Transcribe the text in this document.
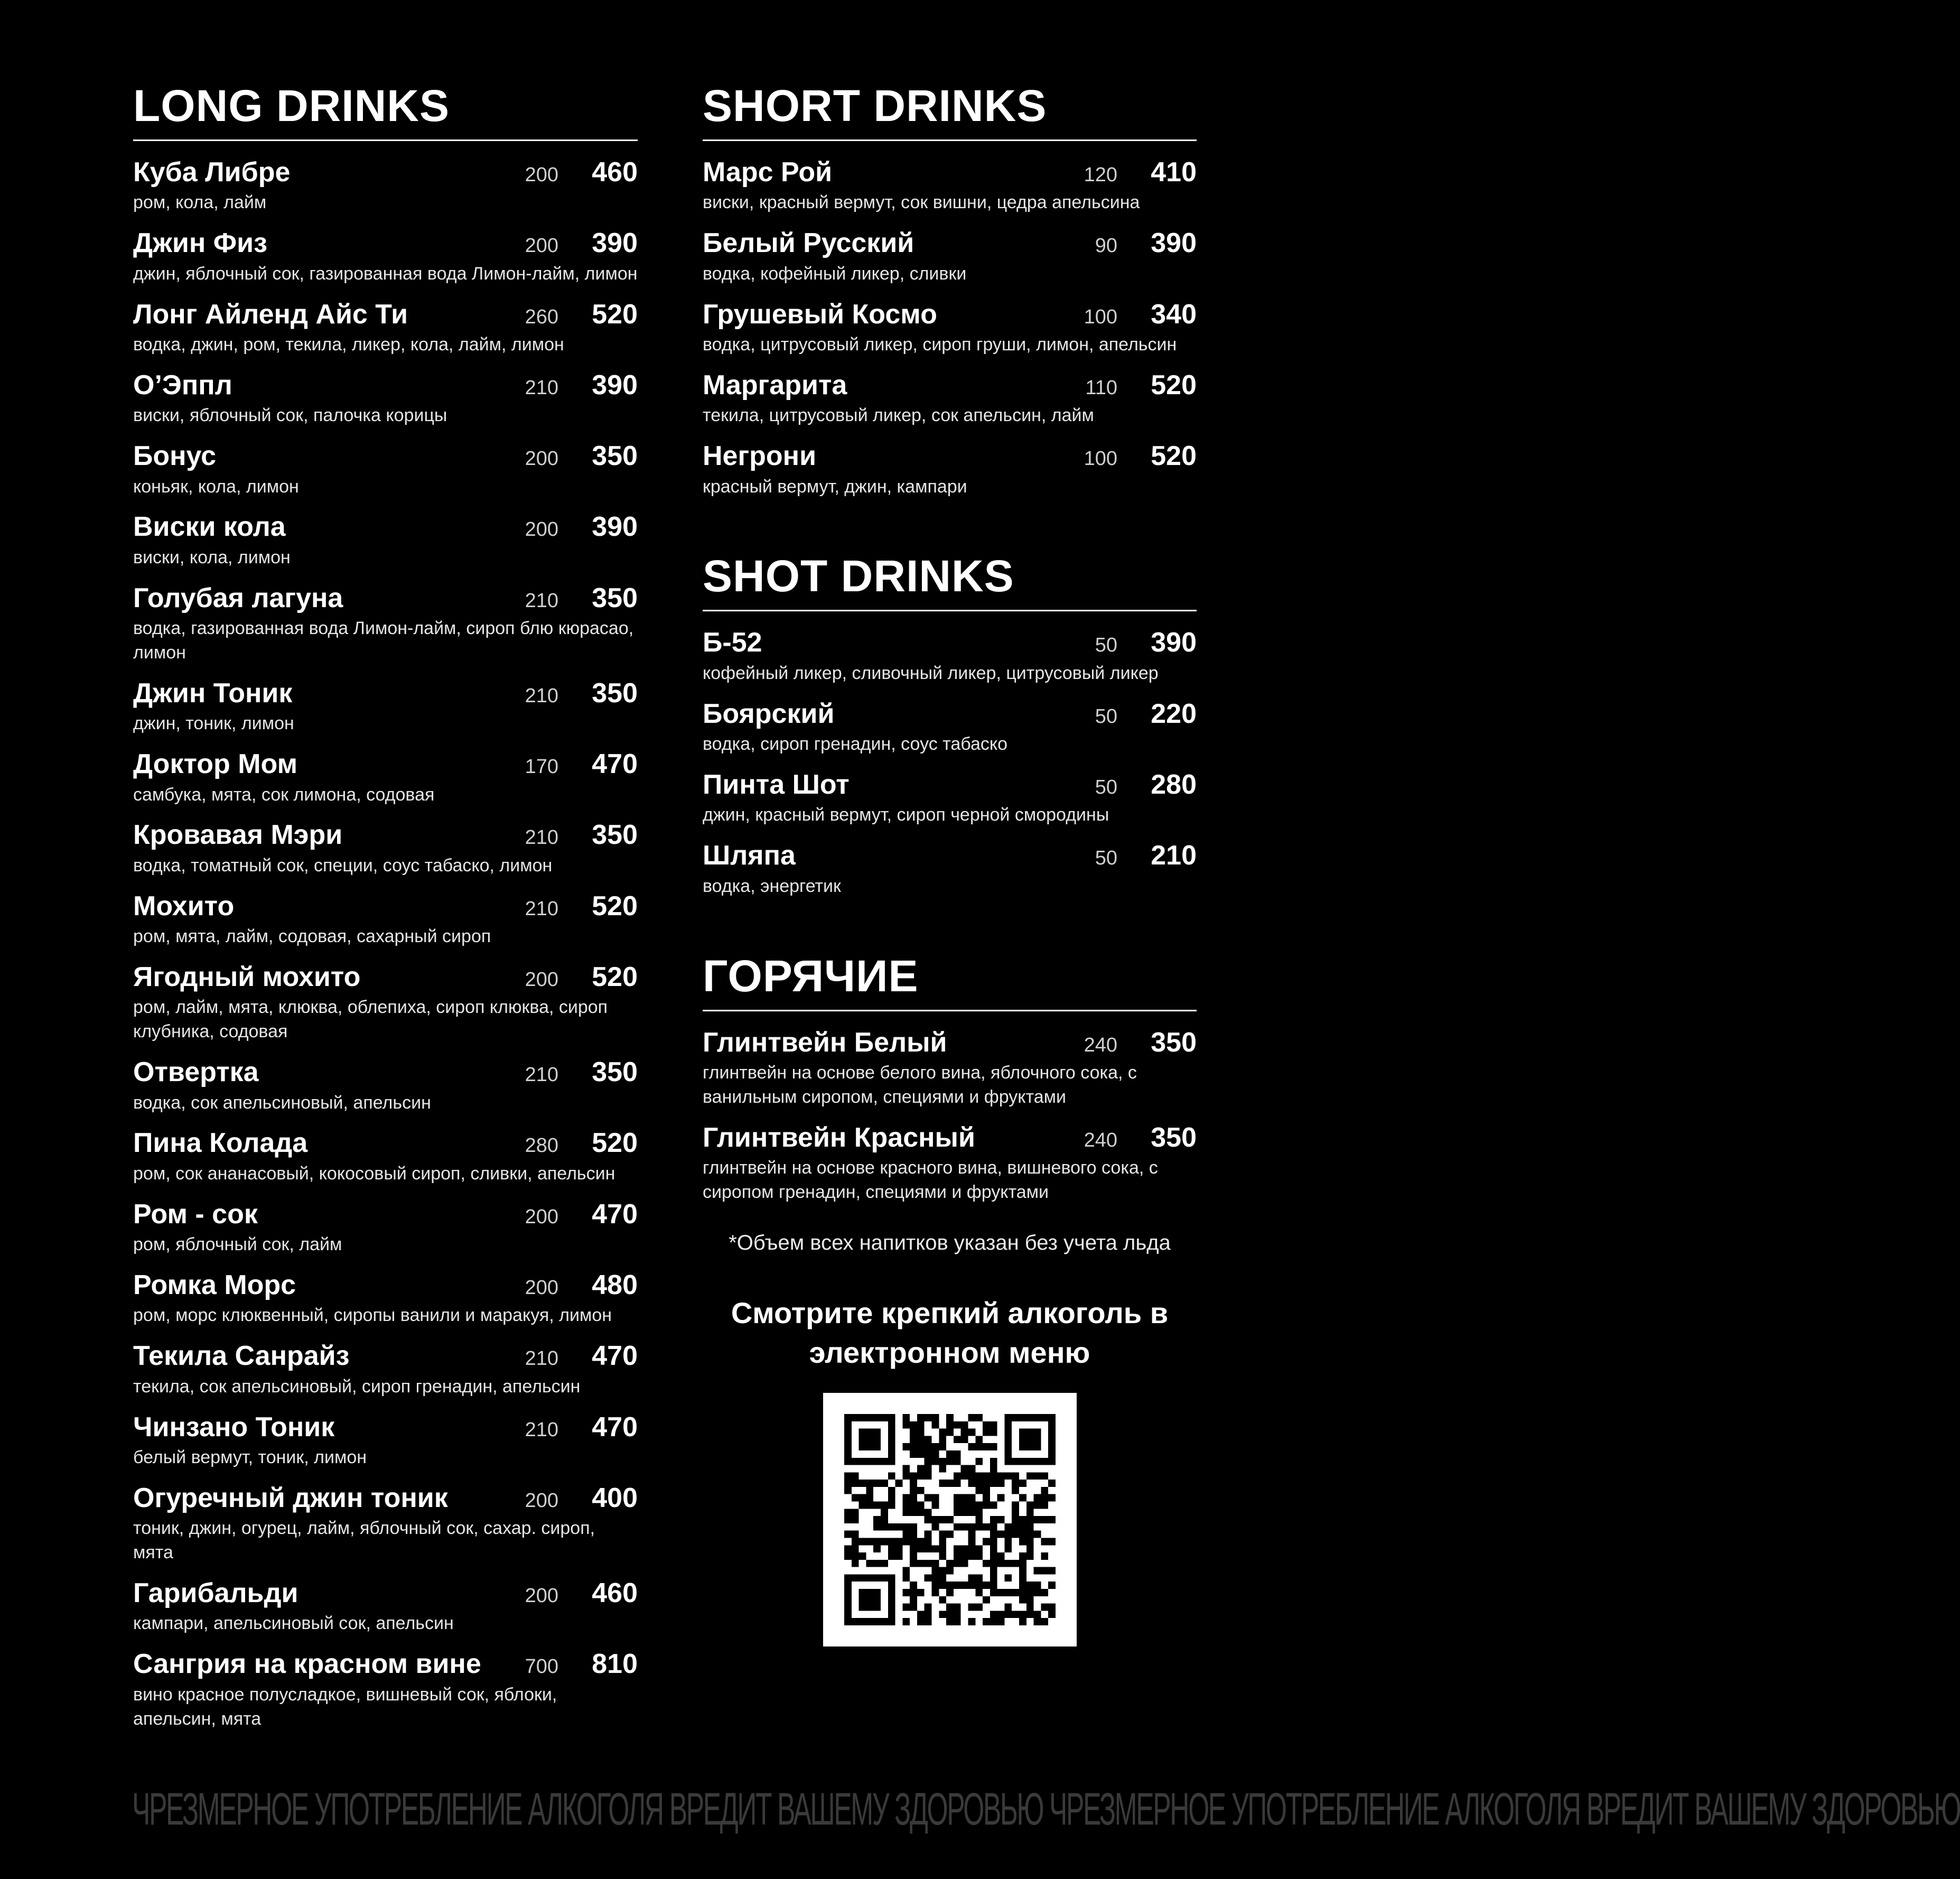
LONG DRINKS
Куба Либре	200	460
ром, кола, лайм
Джин Физ	200	390
джин, яблочный сок, газированная вода Лимон-лайм, лимон
Лонг Айленд Айс Ти	260	520
водка, джин, ром, текила, ликер, кола, лайм, лимон
О’Эппл	210	390
виски, яблочный сок, палочка корицы
Бонус	200	350
коньяк, кола, лимон
Виски кола	200	390
виски, кола, лимон
Голубая лагуна	210	350
водка, газированная вода Лимон-лайм, сироп блю кюрасао, лимон
Джин Тоник	210	350
джин, тоник, лимон
Доктор Мом	170	470
самбука, мята, сок лимона, содовая
Кровавая Мэри	210	350
водка, томатный сок, специи, соус табаско, лимон
Мохито	210	520
ром, мята, лайм, содовая, сахарный сироп
Ягодный мохито	200	520
ром, лайм, мята, клюква, облепиха, сироп клюква, сироп клубника, содовая
Отвертка	210	350
водка, сок апельсиновый, апельсин
Пина Колада	280	520
ром, сок ананасовый, кокосовый сироп, сливки, апельсин
Ром - сок	200	470
ром, яблочный сок, лайм
Ромка Морс	200	480
ром, морс клюквенный, сиропы ванили и маракуя, лимон
Текила Санрайз	210	470
текила, сок апельсиновый, сироп гренадин, апельсин
Чинзано Тоник	210	470
белый вермут, тоник, лимон
Огуречный джин тоник	200	400
тоник, джин, огурец, лайм, яблочный сок, сахар. сироп, мята
Гарибальди	200	460
кампари, апельсиновый сок, апельсин
Сангрия на красном вине	700	810
вино красное полусладкое, вишневый сок, яблоки, апельсин, мята
SHORT DRINKS
Марс Рой	120	410
виски, красный вермут, сок вишни, цедра апельсина
Белый Русский	90	390
водка, кофейный ликер, сливки
Грушевый Космо	100	340
водка, цитрусовый ликер, сироп груши, лимон, апельсин
Маргарита	110	520
текила, цитрусовый ликер, сок апельсин, лайм
Негрони	100	520
красный вермут, джин, кампари
SHOT DRINKS
Б-52	50	390
кофейный ликер, сливочный ликер, цитрусовый ликер
Боярский	50	220
водка, сироп гренадин, соус табаско
Пинта Шот	50	280
джин, красный вермут, сироп черной смородины
Шляпа	50	210
водка, энергетик
ГОРЯЧИЕ
Глинтвейн Белый	240	350
глинтвейн на основе белого вина, яблочного сока, с ванильным сиропом, специями и фруктами
Глинтвейн Красный	240	350
глинтвейн на основе красного вина, вишневого сока, с сиропом гренадин, специями и фруктами
*Объем всех напитков указан без учета льда
Смотрите крепкий алкоголь в электронном меню
ЧРЕЗМЕРНОЕ УПОТРЕБЛЕНИЕ АЛКОГОЛЯ ВРЕДИТ ВАШЕМУ ЗДОРОВЬЮ ЧРЕЗМЕРНОЕ УПОТРЕБЛЕНИЕ АЛКОГОЛЯ ВРЕДИТ ВАШЕМУ ЗДОРОВЬЮ
